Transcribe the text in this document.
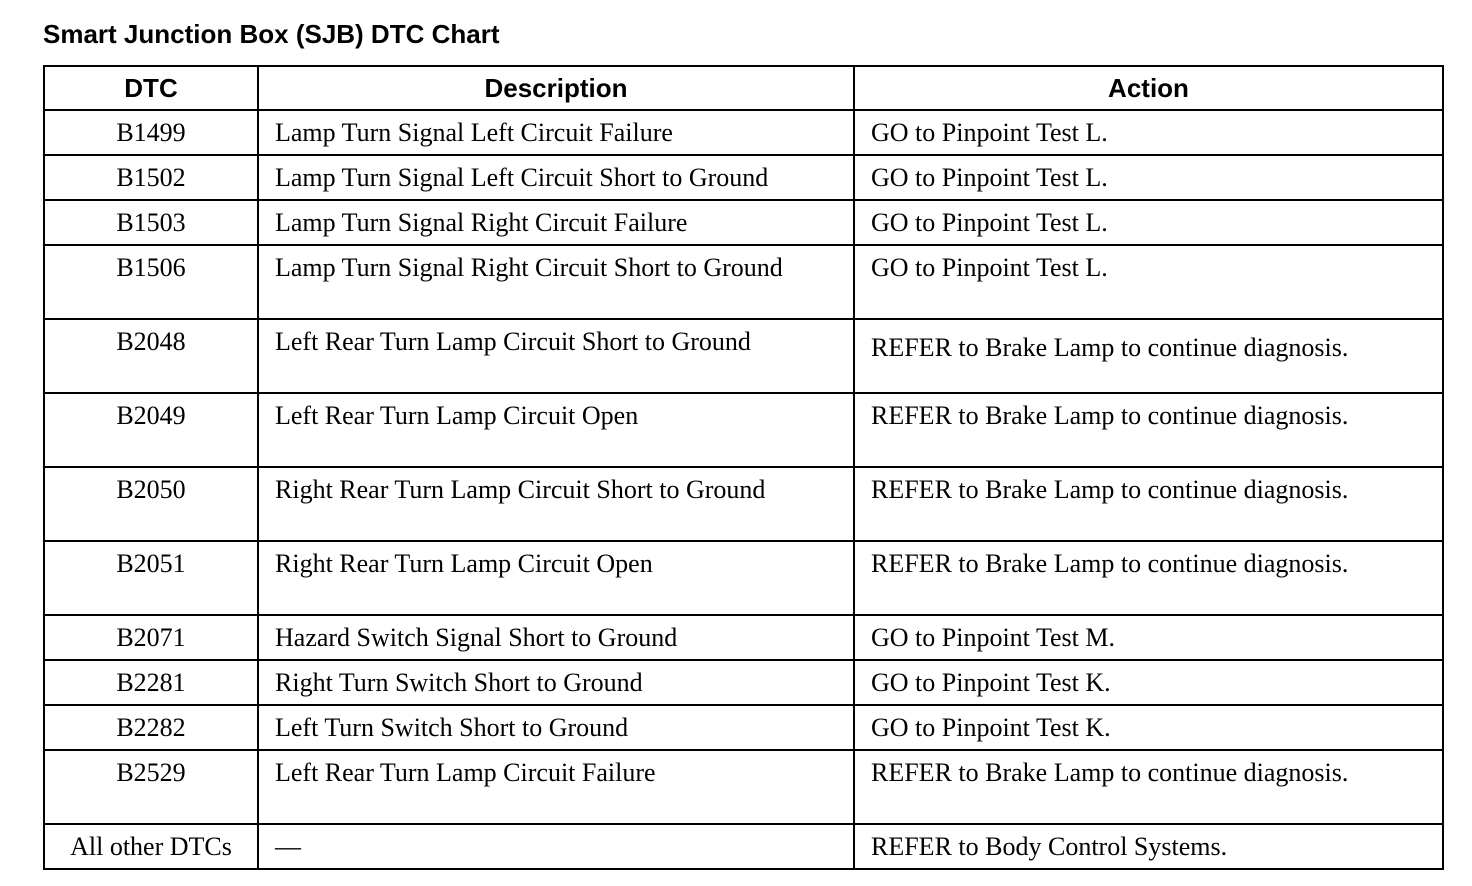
Smart Junction Box (SJB) DTC Chart
DTC	Description	Action
B1499	Lamp Turn Signal Left Circuit Failure	GO to Pinpoint Test L.
B1502	Lamp Turn Signal Left Circuit Short to Ground	GO to Pinpoint Test L.
B1503	Lamp Turn Signal Right Circuit Failure	GO to Pinpoint Test L.
B1506	Lamp Turn Signal Right Circuit Short to Ground	GO to Pinpoint Test L.
B2048	Left Rear Turn Lamp Circuit Short to Ground	REFER to Brake Lamp to continue diagnosis.
B2049	Left Rear Turn Lamp Circuit Open	REFER to Brake Lamp to continue diagnosis.
B2050	Right Rear Turn Lamp Circuit Short to Ground	REFER to Brake Lamp to continue diagnosis.
B2051	Right Rear Turn Lamp Circuit Open	REFER to Brake Lamp to continue diagnosis.
B2071	Hazard Switch Signal Short to Ground	GO to Pinpoint Test M.
B2281	Right Turn Switch Short to Ground	GO to Pinpoint Test K.
B2282	Left Turn Switch Short to Ground	GO to Pinpoint Test K.
B2529	Left Rear Turn Lamp Circuit Failure	REFER to Brake Lamp to continue diagnosis.
All other DTCs	—	REFER to Body Control Systems.
